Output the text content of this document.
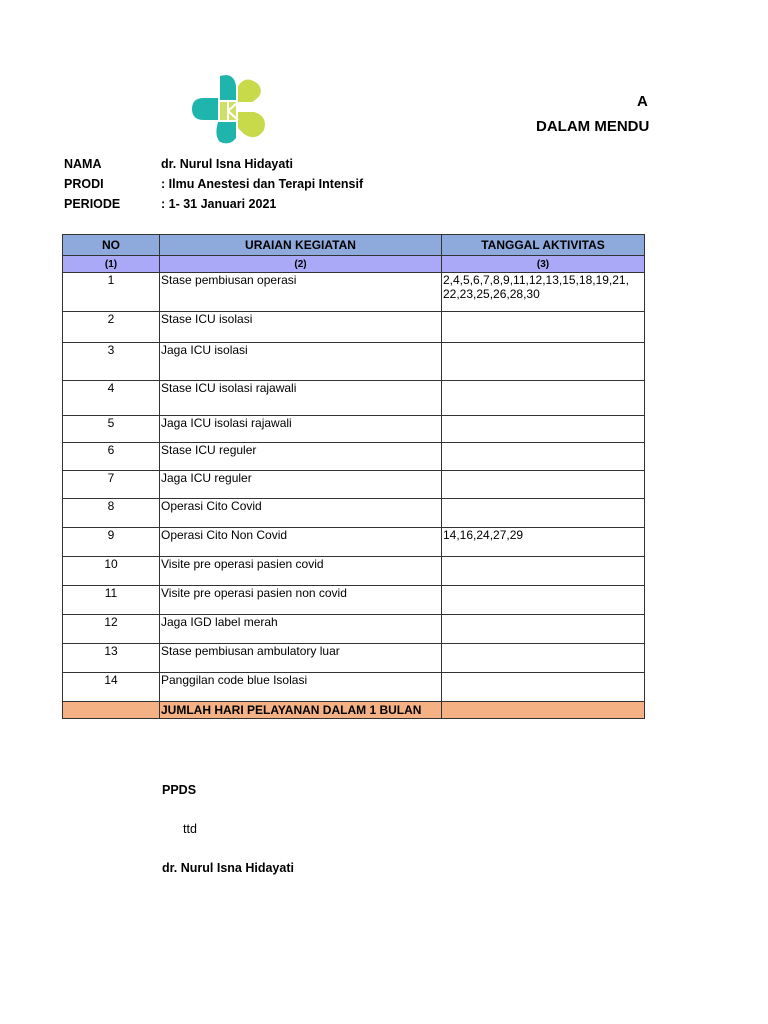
A
DALAM MENDU
NAMA	dr. Nurul Isna Hidayati
PRODI	: Ilmu Anestesi dan Terapi Intensif
PERIODE	: 1- 31 Januari 2021
NO	URAIAN KEGIATAN	TANGGAL AKTIVITAS
(1)	(2)	(3)
1	Stase pembiusan operasi	2,4,5,6,7,8,9,11,12,13,15,18,19,21, 22,23,25,26,28,30
2	Stase ICU isolasi	
3	Jaga ICU isolasi	
4	Stase ICU isolasi rajawali	
5	Jaga ICU isolasi rajawali	
6	Stase ICU reguler	
7	Jaga ICU reguler	
8	Operasi Cito Covid	
9	Operasi Cito Non Covid	14,16,24,27,29
10	Visite pre operasi pasien covid	
11	Visite pre operasi pasien non covid	
12	Jaga IGD label merah	
13	Stase pembiusan ambulatory luar	
14	Panggilan code blue Isolasi	
	JUMLAH HARI PELAYANAN DALAM 1 BULAN	
PPDS
ttd
dr. Nurul Isna Hidayati
